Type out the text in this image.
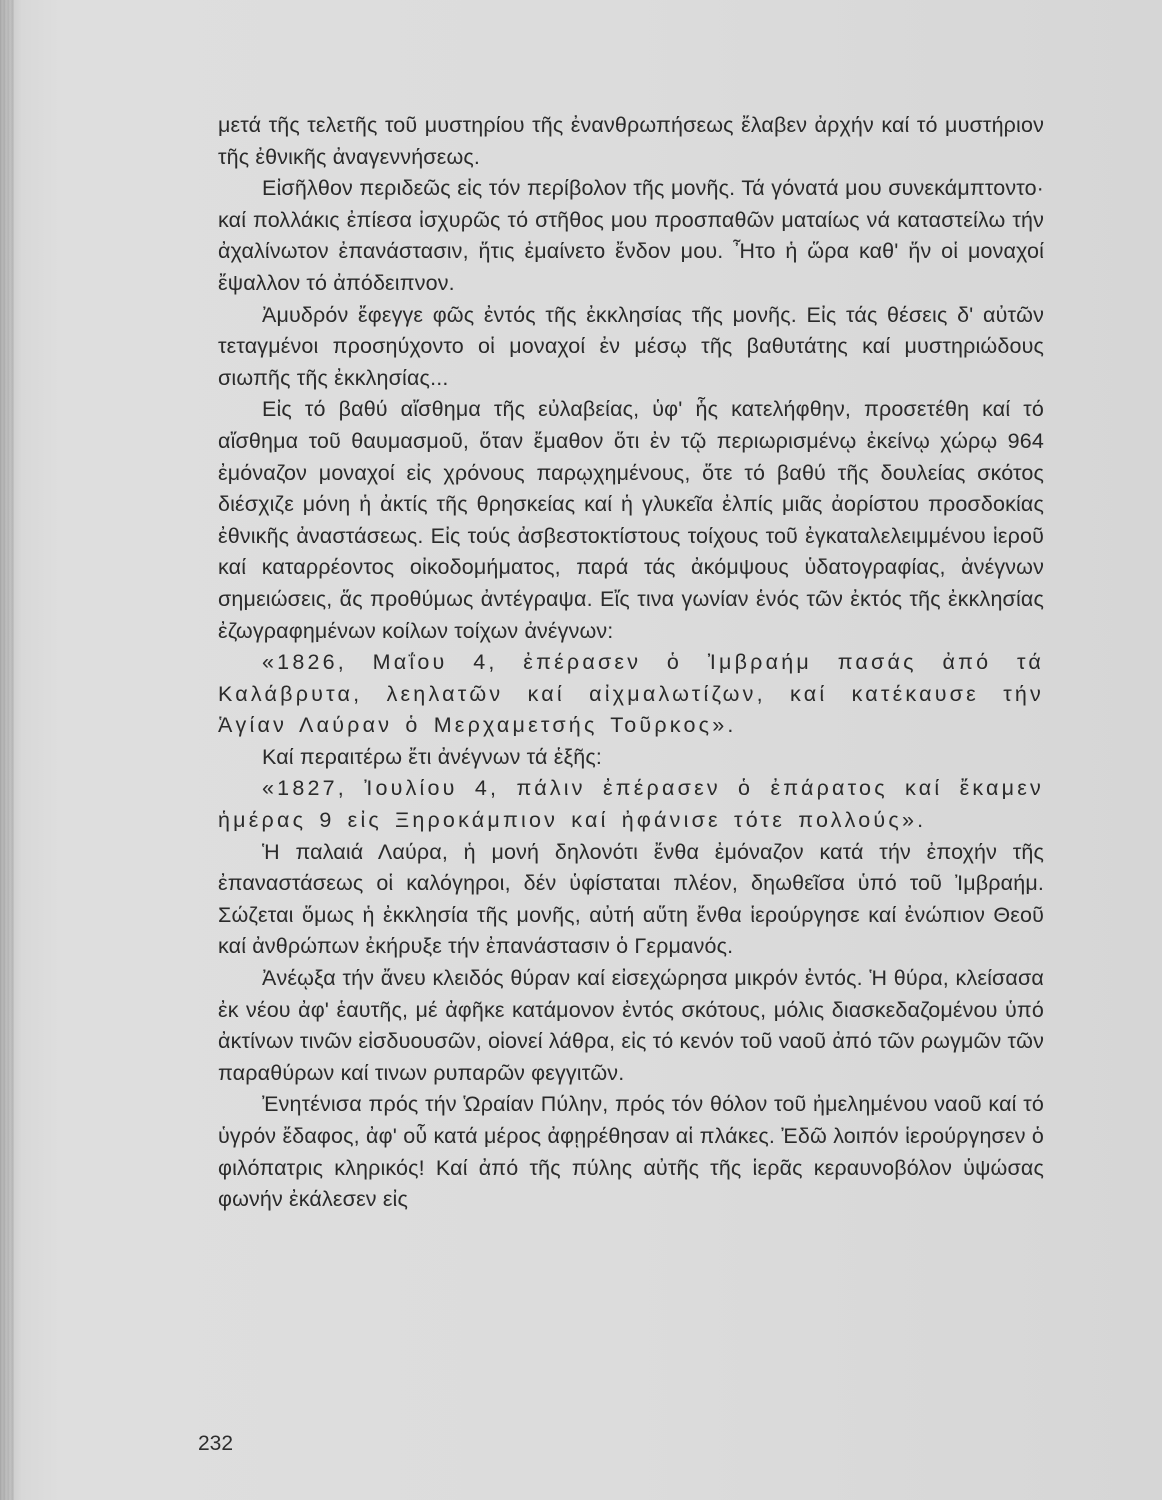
μετά τῆς τελετῆς τοῦ μυστηρίου τῆς ἐνανθρωπήσεως ἔλαβεν ἀρχήν καί τό μυστήριον τῆς ἐθνικῆς ἀναγεννήσεως.

Εἰσῆλθον περιδεῶς εἰς τόν περίβολον τῆς μονῆς. Τά γόνατά μου συνεκάμπτοντο· καί πολλάκις ἐπίεσα ἰσχυρῶς τό στῆθος μου προσπαθῶν ματαίως νά καταστείλω τήν ἀχαλίνωτον ἐπανάστασιν, ἥτις ἐμαίνετο ἔνδον μου. Ἦτο ἡ ὥρα καθ' ἥν οἱ μοναχοί ἔψαλλον τό ἀπόδειπνον.

Ἀμυδρόν ἔφεγγε φῶς ἐντός τῆς ἐκκλησίας τῆς μονῆς. Εἰς τάς θέσεις δ' αὐτῶν τεταγμένοι προσηύχοντο οἱ μοναχοί ἐν μέσῳ τῆς βαθυτάτης καί μυστηριώδους σιωπῆς τῆς ἐκκλησίας...

Εἰς τό βαθύ αἴσθημα τῆς εὐλαβείας, ὑφ' ἧς κατελήφθην, προσετέθη καί τό αἴσθημα τοῦ θαυμασμοῦ, ὅταν ἔμαθον ὅτι ἐν τῷ περιωρισμένῳ ἐκείνῳ χώρῳ 964 ἐμόναζον μοναχοί εἰς χρόνους παρῳχημένους, ὅτε τό βαθύ τῆς δουλείας σκότος διέσχιζε μόνη ἡ ἀκτίς τῆς θρησκείας καί ἡ γλυκεῖα ἐλπίς μιᾶς ἀορίστου προσδοκίας ἐθνικῆς ἀναστάσεως. Εἰς τούς ἀσβεστοκτίστους τοίχους τοῦ ἐγκαταλελειμμένου ἱεροῦ καί καταρρέοντος οἰκοδομήματος, παρά τάς ἀκόμψους ὑδατογραφίας, ἀνέγνων σημειώσεις, ἅς προθύμως ἀντέγραψα. Εἴς τινα γωνίαν ἑνός τῶν ἐκτός τῆς ἐκκλησίας ἐζωγραφημένων κοίλων τοίχων ἀνέγνων:

«1826, Μαΐου 4, ἐπέρασεν ὁ Ἰμβραήμ πασάς ἀπό τά Καλάβρυτα, λεηλατῶν καί αἰχμαλωτίζων, καί κατέκαυσε τήν Ἁγίαν Λαύραν ὁ Μερχαμετσής Τοῦρκος».

Καί περαιτέρω ἔτι ἀνέγνων τά ἑξῆς:

«1827, Ἰουλίου 4, πάλιν ἐπέρασεν ὁ ἐπάρατος καί ἔκαμεν ἡμέρας 9 εἰς Ξηροκάμπιον καί ἠφάνισε τότε πολλούς».

Ἡ παλαιά Λαύρα, ἡ μονή δηλονότι ἔνθα ἐμόναζον κατά τήν ἐποχήν τῆς ἐπαναστάσεως οἱ καλόγηροι, δέν ὑφίσταται πλέον, δηωθεῖσα ὑπό τοῦ Ἰμβραήμ. Σώζεται ὅμως ἡ ἐκκλησία τῆς μονῆς, αὐτή αὕτη ἔνθα ἱερούργησε καί ἐνώπιον Θεοῦ καί ἀνθρώπων ἐκήρυξε τήν ἐπανάστασιν ὁ Γερμανός.

Ἀνέῳξα τήν ἄνευ κλειδός θύραν καί εἰσεχώρησα μικρόν ἐντός. Ἡ θύρα, κλείσασα ἐκ νέου ἀφ' ἑαυτῆς, μέ ἀφῆκε κατάμονον ἐντός σκότους, μόλις διασκεδαζομένου ὑπό ἀκτίνων τινῶν εἰσδυουσῶν, οἱονεί λάθρα, εἰς τό κενόν τοῦ ναοῦ ἀπό τῶν ρωγμῶν τῶν παραθύρων καί τινων ρυπαρῶν φεγγιτῶν.

Ἐνητένισα πρός τήν Ὡραίαν Πύλην, πρός τόν θόλον τοῦ ἠμελημένου ναοῦ καί τό ὑγρόν ἔδαφος, ἀφ' οὗ κατά μέρος ἀφῃρέθησαν αἱ πλάκες. Ἐδῶ λοιπόν ἱερούργησεν ὁ φιλόπατρις κληρικός! Καί ἀπό τῆς πύλης αὐτῆς τῆς ἱερᾶς κεραυνοβόλον ὑψώσας φωνήν ἐκάλεσεν εἰς

232
